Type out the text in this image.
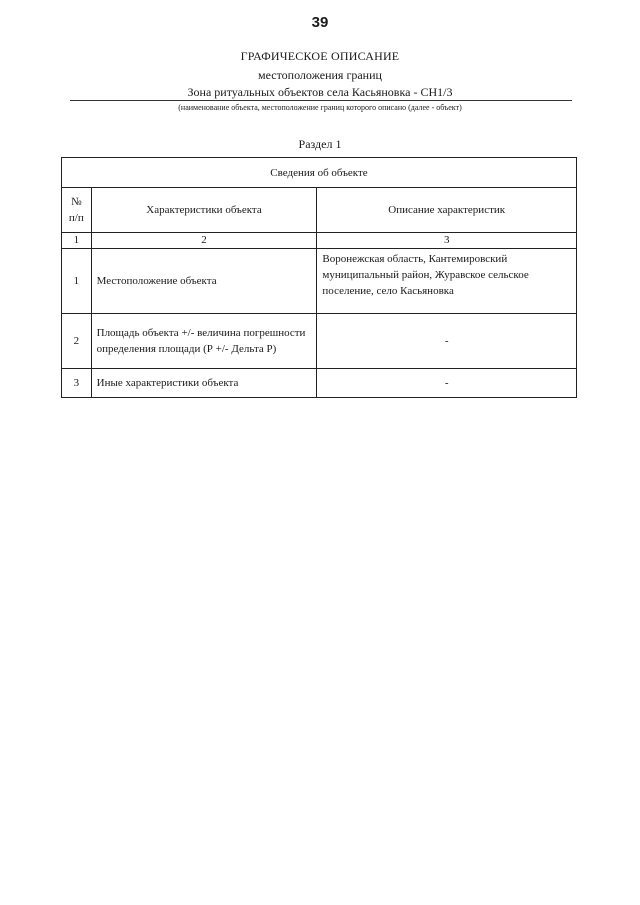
39
ГРАФИЧЕСКОЕ ОПИСАНИЕ
местоположения границ
Зона ритуальных объектов села Касьяновка - СН1/3
(наименование объекта, местоположение границ которого описано (далее - объект)
Раздел 1
Сведения об объекте		
№ п/п	Характеристики объекта	Описание характеристик
1	2	3
1	Местоположение объекта	Воронежская область, Кантемировский муниципальный район, Журавское сельское поселение, село Касьяновка
2	Площадь объекта +/- величина погрешности определения площади (Р +/- Дельта Р)	-
3	Иные характеристики объекта	-
